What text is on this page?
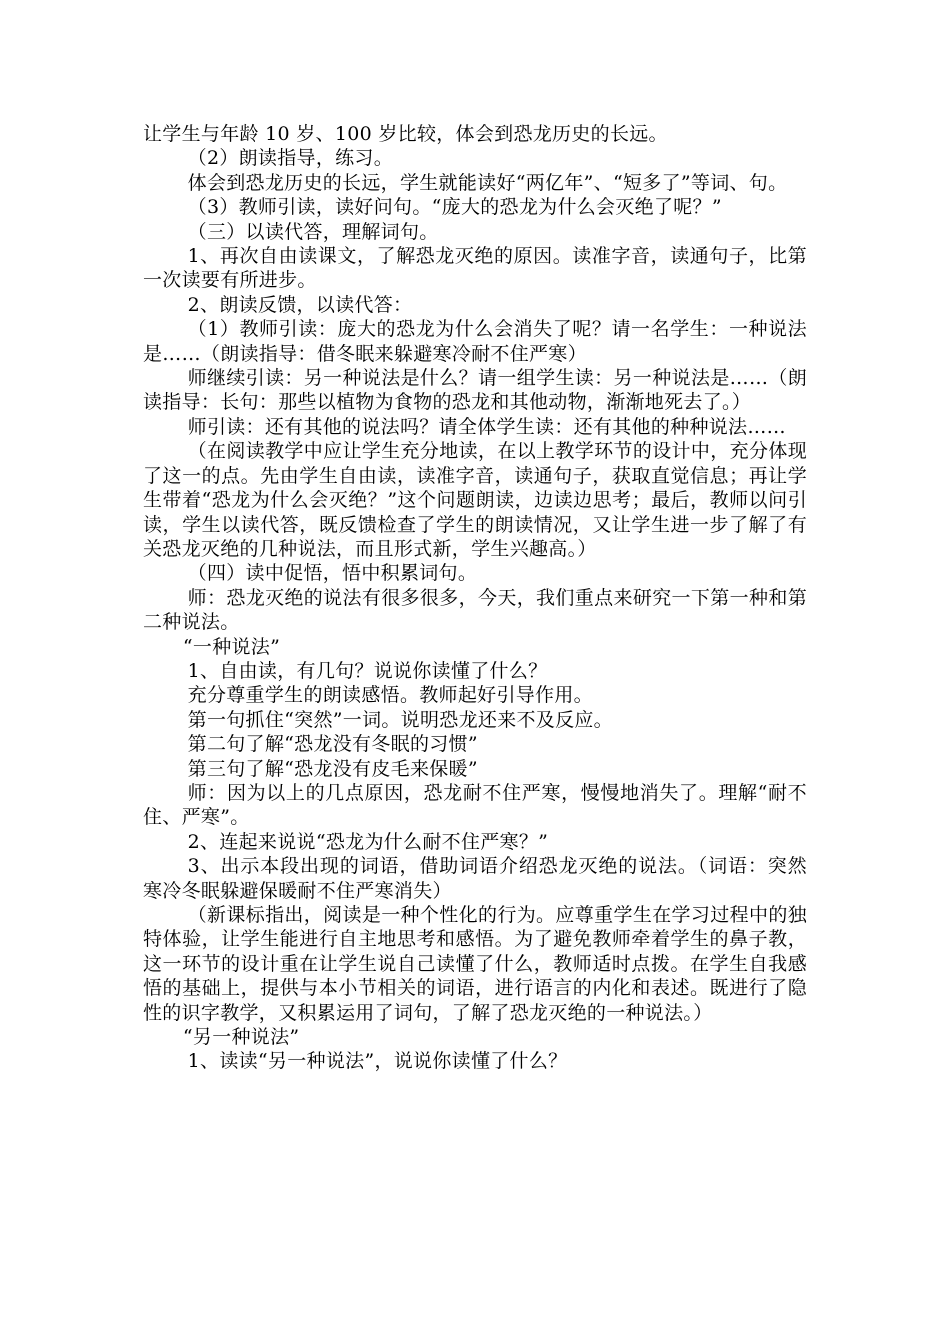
让学生与年龄 10 岁、100 岁比较，体会到恐龙历史的长远。

（2）朗读指导，练习。

体会到恐龙历史的长远，学生就能读好“两亿年”、“短多了”等词、句。

（3）教师引读，读好问句。“庞大的恐龙为什么会灭绝了呢？”

（三）以读代答，理解词句。

1、再次自由读课文，了解恐龙灭绝的原因。读准字音，读通句子，比第一次读要有所进步。

2、朗读反馈，以读代答：

（1）教师引读：庞大的恐龙为什么会消失了呢？请一名学生：一种说法是……（朗读指导：借冬眠来躲避寒冷耐不住严寒）

师继续引读：另一种说法是什么？请一组学生读：另一种说法是……（朗读指导：长句：那些以植物为食物的恐龙和其他动物，渐渐地死去了。）

师引读：还有其他的说法吗？请全体学生读：还有其他的种种说法……

（在阅读教学中应让学生充分地读，在以上教学环节的设计中，充分体现了这一的点。先由学生自由读，读准字音，读通句子，获取直觉信息；再让学生带着“恐龙为什么会灭绝？”这个问题朗读，边读边思考；最后，教师以问引读，学生以读代答，既反馈检查了学生的朗读情况，又让学生进一步了解了有关恐龙灭绝的几种说法，而且形式新，学生兴趣高。）

（四）读中促悟，悟中积累词句。

师：恐龙灭绝的说法有很多很多，今天，我们重点来研究一下第一种和第二种说法。

“一种说法”

1、自由读，有几句？说说你读懂了什么？

充分尊重学生的朗读感悟。教师起好引导作用。

第一句抓住“突然”一词。说明恐龙还来不及反应。

第二句了解“恐龙没有冬眠的习惯”

第三句了解“恐龙没有皮毛来保暖”

师：因为以上的几点原因，恐龙耐不住严寒，慢慢地消失了。理解“耐不住、严寒”。

2、连起来说说“恐龙为什么耐不住严寒？”

3、出示本段出现的词语，借助词语介绍恐龙灭绝的说法。（词语：突然寒冷冬眠躲避保暖耐不住严寒消失）

（新课标指出，阅读是一种个性化的行为。应尊重学生在学习过程中的独特体验，让学生能进行自主地思考和感悟。为了避免教师牵着学生的鼻子教，这一环节的设计重在让学生说自己读懂了什么，教师适时点拨。在学生自我感悟的基础上，提供与本小节相关的词语，进行语言的内化和表述。既进行了隐性的识字教学，又积累运用了词句，了解了恐龙灭绝的一种说法。）

“另一种说法”

1、读读“另一种说法”，说说你读懂了什么？
